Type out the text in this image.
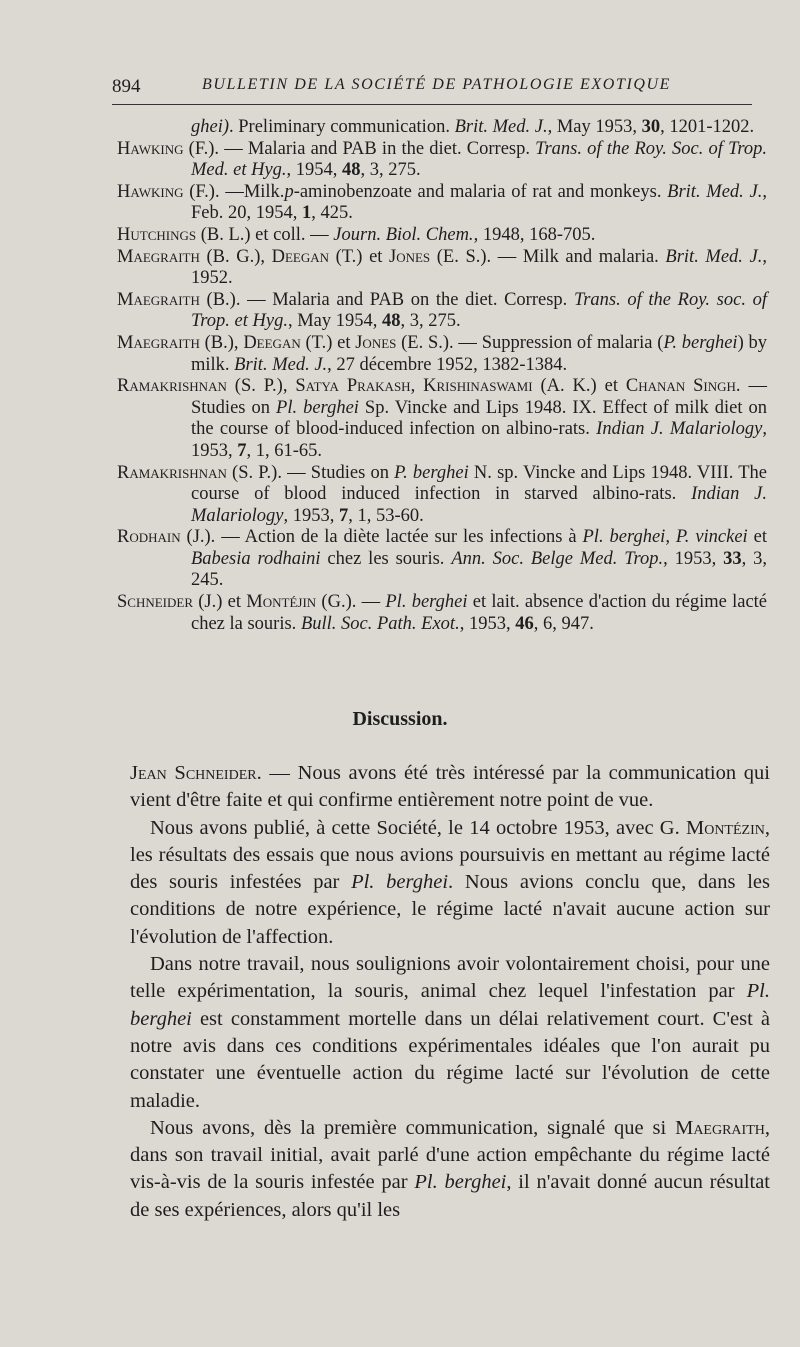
894	BULLETIN DE LA SOCIÉTÉ DE PATHOLOGIE EXOTIQUE

ghei). Preliminary communication. Brit. Med. J., May 1953, 30, 1201-1202.

Hawking (F.). — Malaria and PAB in the diet. Corresp. Trans. of the Roy. Soc. of Trop. Med. et Hyg., 1954, 48, 3, 275.

Hawking (F.). —Milk.p-aminobenzoate and malaria of rat and monkeys. Brit. Med. J., Feb. 20, 1954, 1, 425.

Hutchings (B. L.) et coll. — Journ. Biol. Chem., 1948, 168-705.

Maegraith (B. G.), Deegan (T.) et Jones (E. S.). — Milk and malaria. Brit. Med. J., 1952.

Maegraith (B.). — Malaria and PAB on the diet. Corresp. Trans. of the Roy. soc. of Trop. et Hyg., May 1954, 48, 3, 275.

Maegraith (B.), Deegan (T.) et Jones (E. S.). — Suppression of malaria (P. berghei) by milk. Brit. Med. J., 27 décembre 1952, 1382-1384.

Ramakrishnan (S. P.), Satya Prakash, Krishinaswami (A. K.) et Chanan Singh. — Studies on Pl. berghei Sp. Vincke and Lips 1948. IX. Effect of milk diet on the course of blood-induced infection on albino-rats. Indian J. Malariology, 1953, 7, 1, 61-65.

Ramakrishnan (S. P.). — Studies on P. berghei N. sp. Vincke and Lips 1948. VIII. The course of blood induced infection in starved albino-rats. Indian J. Malariology, 1953, 7, 1, 53-60.

Rodhain (J.). — Action de la diète lactée sur les infections à Pl. berghei, P. vinckei et Babesia rodhaini chez les souris. Ann. Soc. Belge Med. Trop., 1953, 33, 3, 245.

Schneider (J.) et Montéjin (G.). — Pl. berghei et lait. absence d'action du régime lacté chez la souris. Bull. Soc. Path. Exot., 1953, 46, 6, 947.

Discussion.

Jean Schneider. — Nous avons été très intéressé par la communication qui vient d'être faite et qui confirme entièrement notre point de vue.

Nous avons publié, à cette Société, le 14 octobre 1953, avec G. Montézin, les résultats des essais que nous avions poursuivis en mettant au régime lacté des souris infestées par Pl. berghei. Nous avions conclu que, dans les conditions de notre expérience, le régime lacté n'avait aucune action sur l'évolution de l'affection.

Dans notre travail, nous soulignions avoir volontairement choisi, pour une telle expérimentation, la souris, animal chez lequel l'infestation par Pl. berghei est constamment mortelle dans un délai relativement court. C'est à notre avis dans ces conditions expérimentales idéales que l'on aurait pu constater une éventuelle action du régime lacté sur l'évolution de cette maladie.

Nous avons, dès la première communication, signalé que si Maegraith, dans son travail initial, avait parlé d'une action empêchante du régime lacté vis-à-vis de la souris infestée par Pl. berghei, il n'avait donné aucun résultat de ses expériences, alors qu'il les
